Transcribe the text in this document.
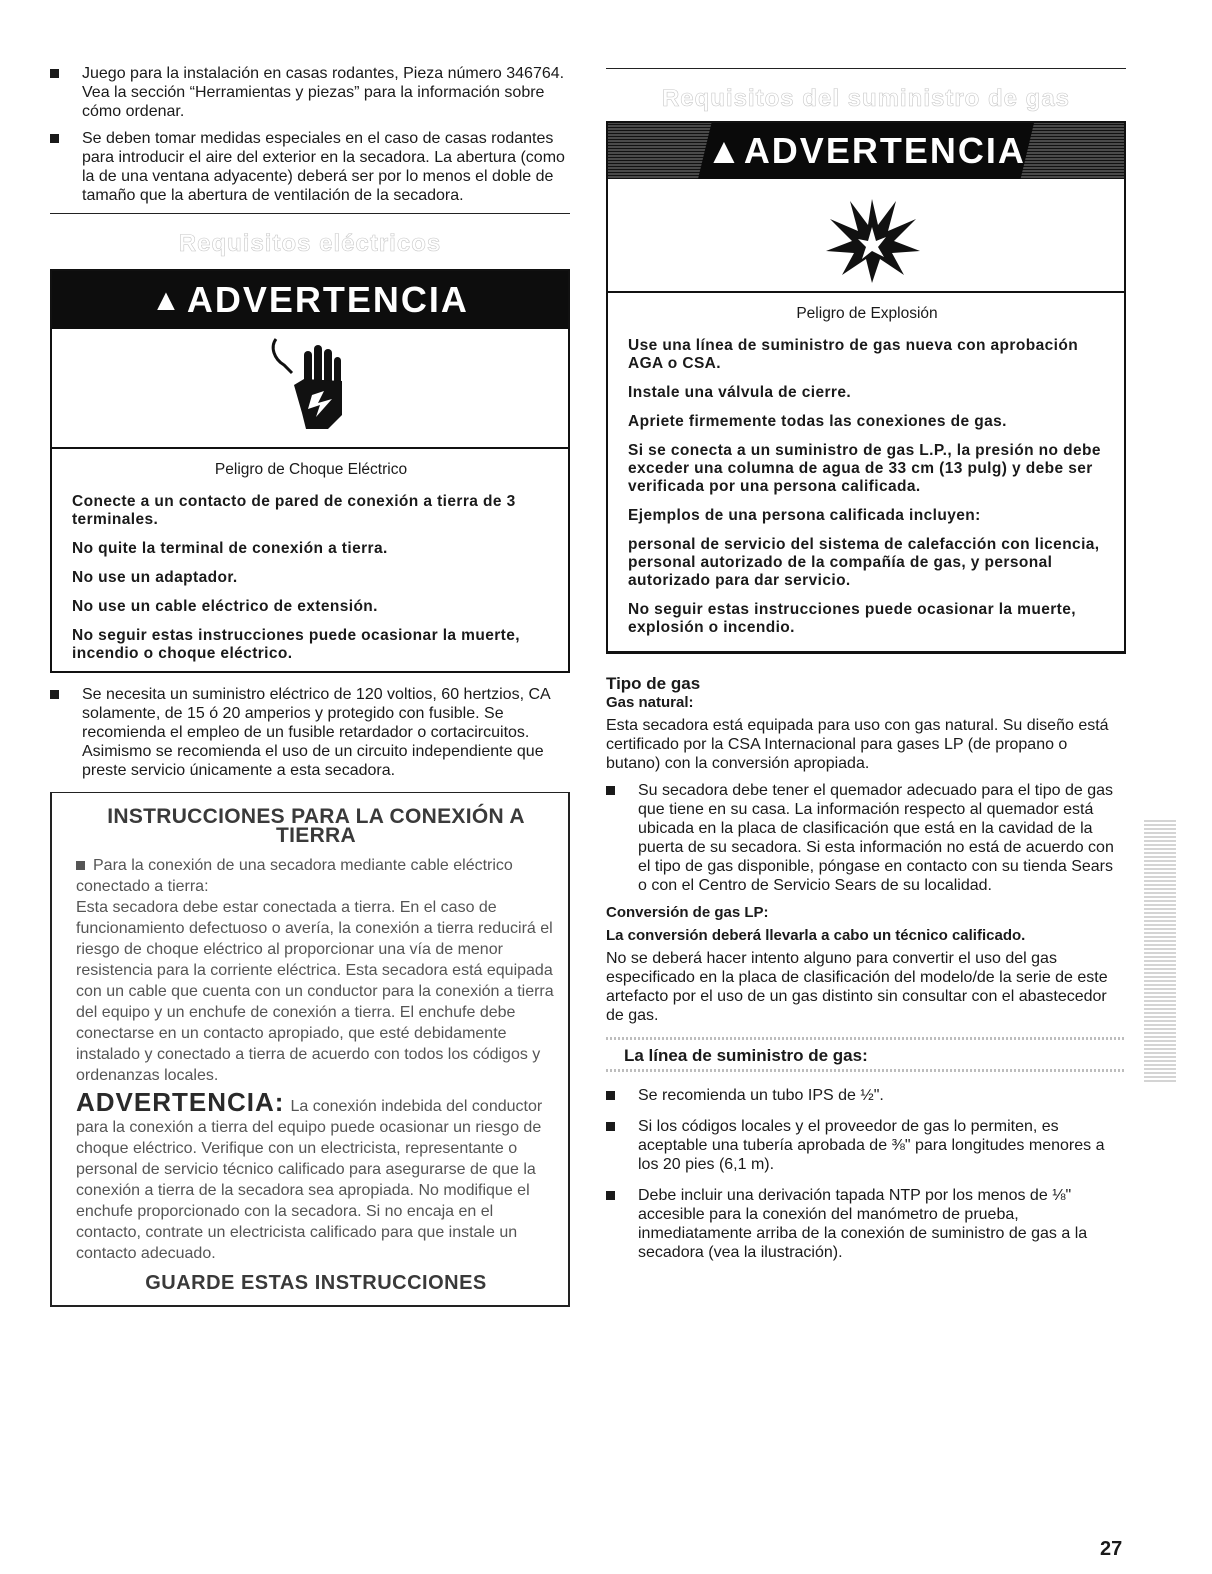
Juego para la instalación en casas rodantes, Pieza número 346764. Vea la sección “Herramientas y piezas” para la información sobre cómo ordenar.
Se deben tomar medidas especiales en el caso de casas rodantes para introducir el aire del exterior en la secadora. La abertura (como la de una ventana adyacente) deberá ser por lo menos el doble de tamaño que la abertura de ventilación de la secadora.
Requisitos eléctricos
▲ ADVERTENCIA
Peligro de Choque Eléctrico

Conecte a un contacto de pared de conexión a tierra de 3 terminales.

No quite la terminal de conexión a tierra.

No use un adaptador.

No use un cable eléctrico de extensión.

No seguir estas instrucciones puede ocasionar la muerte, incendio o choque eléctrico.

Se necesita un suministro eléctrico de 120 voltios, 60 hertzios, CA solamente, de 15 ó 20 amperios y protegido con fusible. Se recomienda el empleo de un fusible retardador o cortacircuitos. Asimismo se recomienda el uso de un circuito independiente que preste servicio únicamente a esta secadora.
INSTRUCCIONES PARA LA CONEXIÓN A TIERRA

Para la conexión de una secadora mediante cable eléctrico conectado a tierra:

Esta secadora debe estar conectada a tierra. En el caso de funcionamiento defectuoso o avería, la conexión a tierra reducirá el riesgo de choque eléctrico al proporcionar una vía de menor resistencia para la corriente eléctrica. Esta secadora está equipada con un cable que cuenta con un conductor para la conexión a tierra del equipo y un enchufe de conexión a tierra. El enchufe debe conectarse en un contacto apropiado, que esté debidamente instalado y conectado a tierra de acuerdo con todos los códigos y ordenanzas locales.

ADVERTENCIA: La conexión indebida del conductor para la conexión a tierra del equipo puede ocasionar un riesgo de choque eléctrico. Verifique con un electricista, representante o personal de servicio técnico calificado para asegurarse de que la conexión a tierra de la secadora sea apropiada. No modifique el enchufe proporcionado con la secadora. Si no encaja en el contacto, contrate un electricista calificado para que instale un contacto adecuado.

GUARDE ESTAS INSTRUCCIONES
Requisitos del suministro de gas
▲ADVERTENCIA
Peligro de Explosión

Use una línea de suministro de gas nueva con aprobación AGA o CSA.

Instale una válvula de cierre.

Apriete firmemente todas las conexiones de gas.

Si se conecta a un suministro de gas L.P., la presión no debe exceder una columna de agua de 33 cm (13 pulg) y debe ser verificada por una persona calificada.

Ejemplos de una persona calificada incluyen:

personal de servicio del sistema de calefacción con licencia, personal autorizado de la compañía de gas, y personal autorizado para dar servicio.

No seguir estas instrucciones puede ocasionar la muerte, explosión o incendio.

Tipo de gas
Gas natural:

Esta secadora está equipada para uso con gas natural. Su diseño está certificado por la CSA Internacional para gases LP (de propano o butano) con la conversión apropiada.

Su secadora debe tener el quemador adecuado para el tipo de gas que tiene en su casa. La información respecto al quemador está ubicada en la placa de clasificación que está en la cavidad de la puerta de su secadora. Si esta información no está de acuerdo con el tipo de gas disponible, póngase en contacto con su tienda Sears o con el Centro de Servicio Sears de su localidad.
Conversión de gas LP:
La conversión deberá llevarla a cabo un técnico calificado.

No se deberá hacer intento alguno para convertir el uso del gas especificado en la placa de clasificación del modelo/de la serie de este artefacto por el uso de un gas distinto sin consultar con el abastecedor de gas.

La línea de suministro de gas:
Se recomienda un tubo IPS de ½".
Si los códigos locales y el proveedor de gas lo permiten, es aceptable una tubería aprobada de ⅜" para longitudes menores a los 20 pies (6,1 m).
Debe incluir una derivación tapada NTP por los menos de ⅛" accesible para la conexión del manómetro de prueba, inmediatamente arriba de la conexión de suministro de gas a la secadora (vea la ilustración).
27
